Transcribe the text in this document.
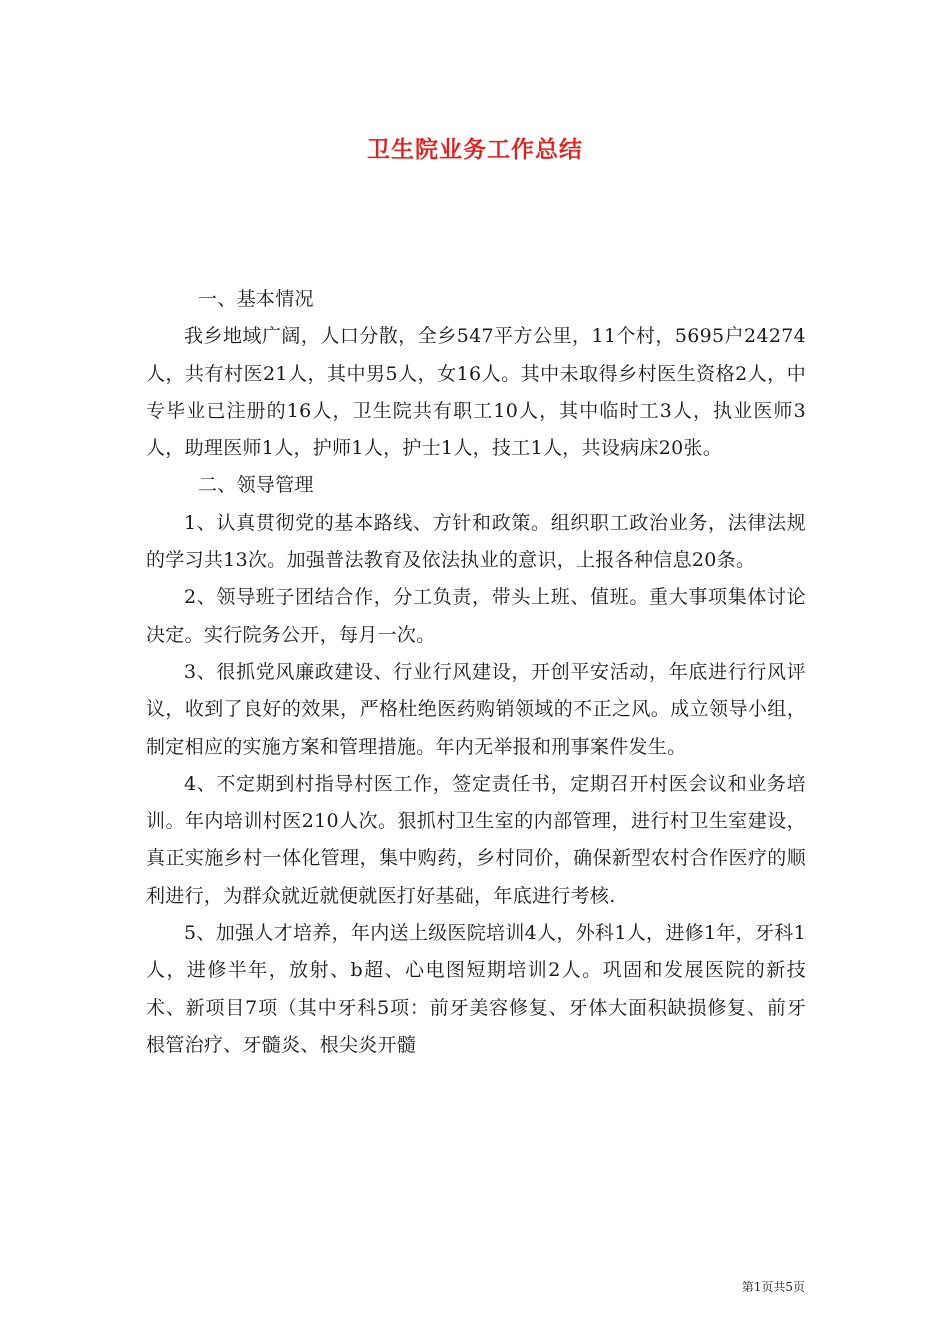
卫生院业务工作总结

一、基本情况

我乡地域广阔，人口分散，全乡547平方公里，11个村，5695户24274人，共有村医21人，其中男5人，女16人。其中未取得乡村医生资格2人，中专毕业已注册的16人，卫生院共有职工10人，其中临时工3人，执业医师3人，助理医师1人，护师1人，护士1人，技工1人，共设病床20张。

二、领导管理

1、认真贯彻党的基本路线、方针和政策。组织职工政治业务，法律法规的学习共13次。加强普法教育及依法执业的意识，上报各种信息20条。

2、领导班子团结合作，分工负责，带头上班、值班。重大事项集体讨论决定。实行院务公开，每月一次。

3、很抓党风廉政建设、行业行风建设，开创平安活动，年底进行行风评议，收到了良好的效果，严格杜绝医药购销领域的不正之风。成立领导小组，制定相应的实施方案和管理措施。年内无举报和刑事案件发生。

4、不定期到村指导村医工作，签定责任书，定期召开村医会议和业务培训。年内培训村医210人次。狠抓村卫生室的内部管理，进行村卫生室建设，真正实施乡村一体化管理，集中购药，乡村同价，确保新型农村合作医疗的顺利进行，为群众就近就便就医打好基础，年底进行考核.

5、加强人才培养，年内送上级医院培训4人，外科1人，进修1年，牙科1人，进修半年，放射、b超、心电图短期培训2人。巩固和发展医院的新技术、新项目7项（其中牙科5项：前牙美容修复、牙体大面积缺损修复、前牙根管治疗、牙髓炎、根尖炎开髓

第1页共5页
